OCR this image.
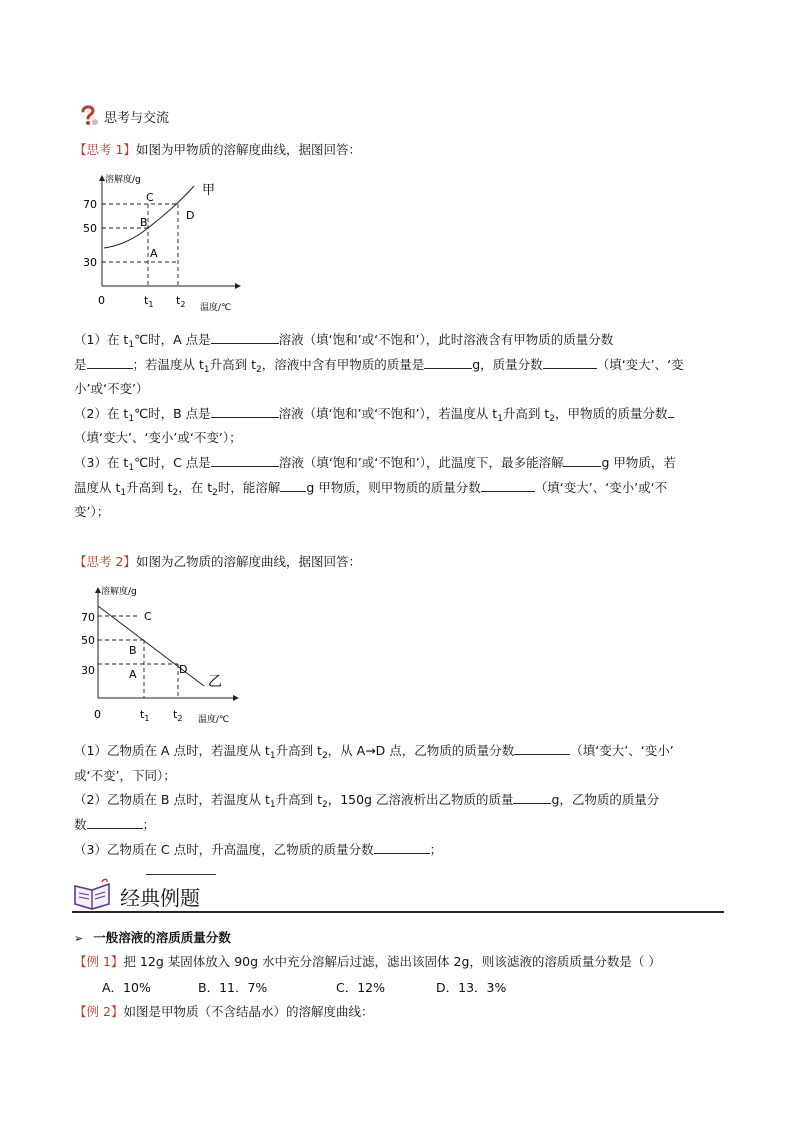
思考与交流
【思考 1】如图为甲物质的溶解度曲线，据图回答：
溶解度/g
温度/℃
70
50
30
0	$t_1$ $t_2$
甲
C
B
A
D
（1）在 $t_1℃$时，A 点是	溶液（填‘饱和’或‘不饱和’），此时溶液含有甲物质的质量分数
是	；若温度从 $t_1$升高到 $t_2$，溶液中含有甲物质的质量是	g，质量分数	（填‘变大’、‘变
小’或‘不变’）
（2）在 $t_1℃$时，B 点是	溶液（填‘饱和’或‘不饱和’），若温度从 $t_1$升高到 $t_2$，甲物质的质量分数
（填‘变大’、‘变小’或‘不变’）；
（3）在 $t_1℃$时，C 点是	溶液（填‘饱和’或‘不饱和’），此温度下，最多能溶解	g 甲物质，若
温度从 $t_1$升高到 $t_2$，在 $t_2$时，能溶解 g 甲物质，则甲物质的质量分数	（填‘变大’、‘变小’或‘不
变’）；
【思考 2】如图为乙物质的溶解度曲线，据图回答：
溶解度/g
温度/℃
70
50
30
0	$t_1$ $t_2$
乙
C
B
A	D
（1）乙物质在 A 点时，若温度从 $t_1$升高到 $t_2$，从 A→D 点，乙物质的质量分数	（填‘变大’、‘变小’
或‘不变’，下同）；
（2）乙物质在 B 点时，若温度从 $t_1$升高到 $t_2$，150g 乙溶液析出乙物质的质量	g，乙物质的质量分
数	；
（3）乙物质在 C 点时，升高温度，乙物质的质量分数	；
经典例题
➢ 一般溶液的溶质质量分数
【例 1】把 12g 某固体放入 90g 水中充分溶解后过滤，滤出该固体 2g，则该滤液的溶质质量分数是（ ）
A．10%	B．11．7%	C．12%	D．13．3%
【例 2】如图是甲物质（不含结晶水）的溶解度曲线：
